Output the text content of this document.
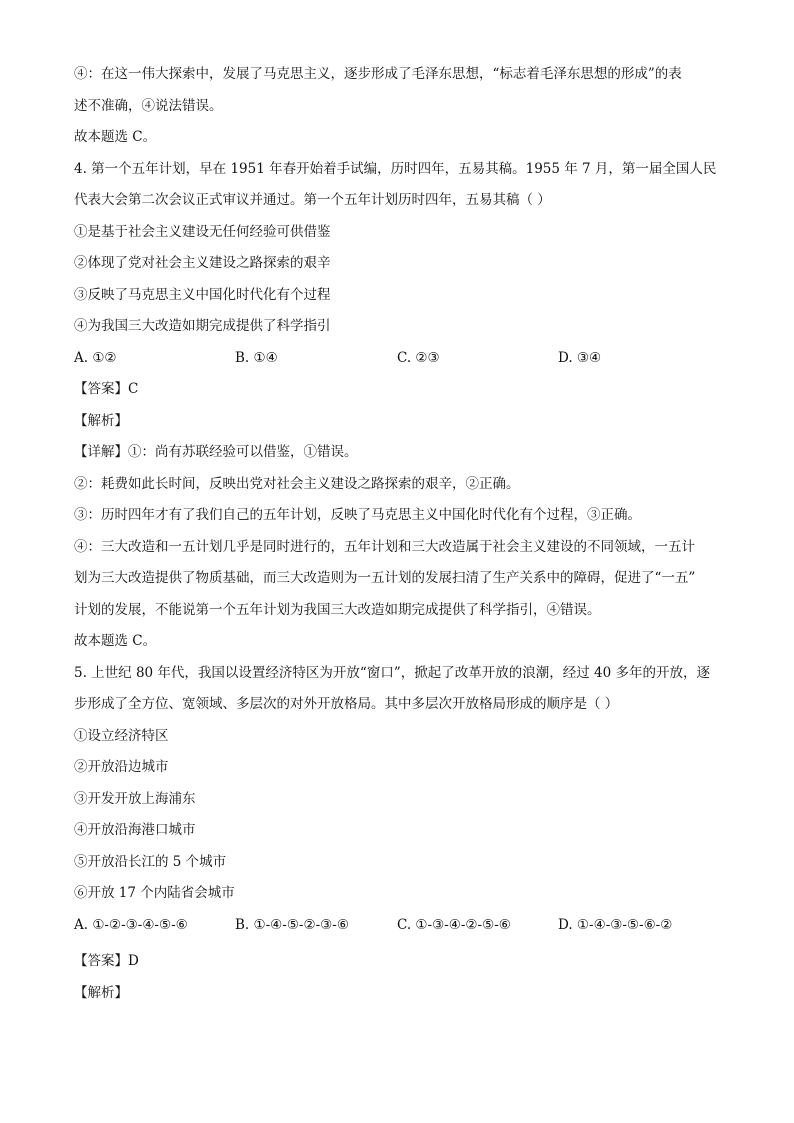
④：在这一伟大探索中，发展了马克思主义，逐步形成了毛泽东思想，“标志着毛泽东思想的形成”的表
述不准确，④说法错误。
故本题选 C。
4. 第一个五年计划，早在 1951 年春开始着手试编，历时四年，五易其稿。1955 年 7 月，第一届全国人民
代表大会第二次会议正式审议并通过。第一个五年计划历时四年，五易其稿（ ）
①是基于社会主义建设无任何经验可供借鉴
②体现了党对社会主义建设之路探索的艰辛
③反映了马克思主义中国化时代化有个过程
④为我国三大改造如期完成提供了科学指引
A. ①②	B. ①④	C. ②③	D. ③④
【答案】C
【解析】
【详解】①：尚有苏联经验可以借鉴，①错误。
②：耗费如此长时间，反映出党对社会主义建设之路探索的艰辛，②正确。
③：历时四年才有了我们自己的五年计划，反映了马克思主义中国化时代化有个过程，③正确。
④：三大改造和一五计划几乎是同时进行的，五年计划和三大改造属于社会主义建设的不同领域，一五计
划为三大改造提供了物质基础，而三大改造则为一五计划的发展扫清了生产关系中的障碍，促进了“一五”
计划的发展，不能说第一个五年计划为我国三大改造如期完成提供了科学指引，④错误。
故本题选 C。
5. 上世纪 80 年代，我国以设置经济特区为开放“窗口”，掀起了改革开放的浪潮，经过 40 多年的开放，逐
步形成了全方位、宽领域、多层次的对外开放格局。其中多层次开放格局形成的顺序是（ ）
①设立经济特区
②开放沿边城市
③开发开放上海浦东
④开放沿海港口城市
⑤开放沿长江的 5 个城市
⑥开放 17 个内陆省会城市
A. ①-②-③-④-⑤-⑥	B. ①-④-⑤-②-③-⑥	C. ①-③-④-②-⑤-⑥	D. ①-④-③-⑤-⑥-②
【答案】D
【解析】
